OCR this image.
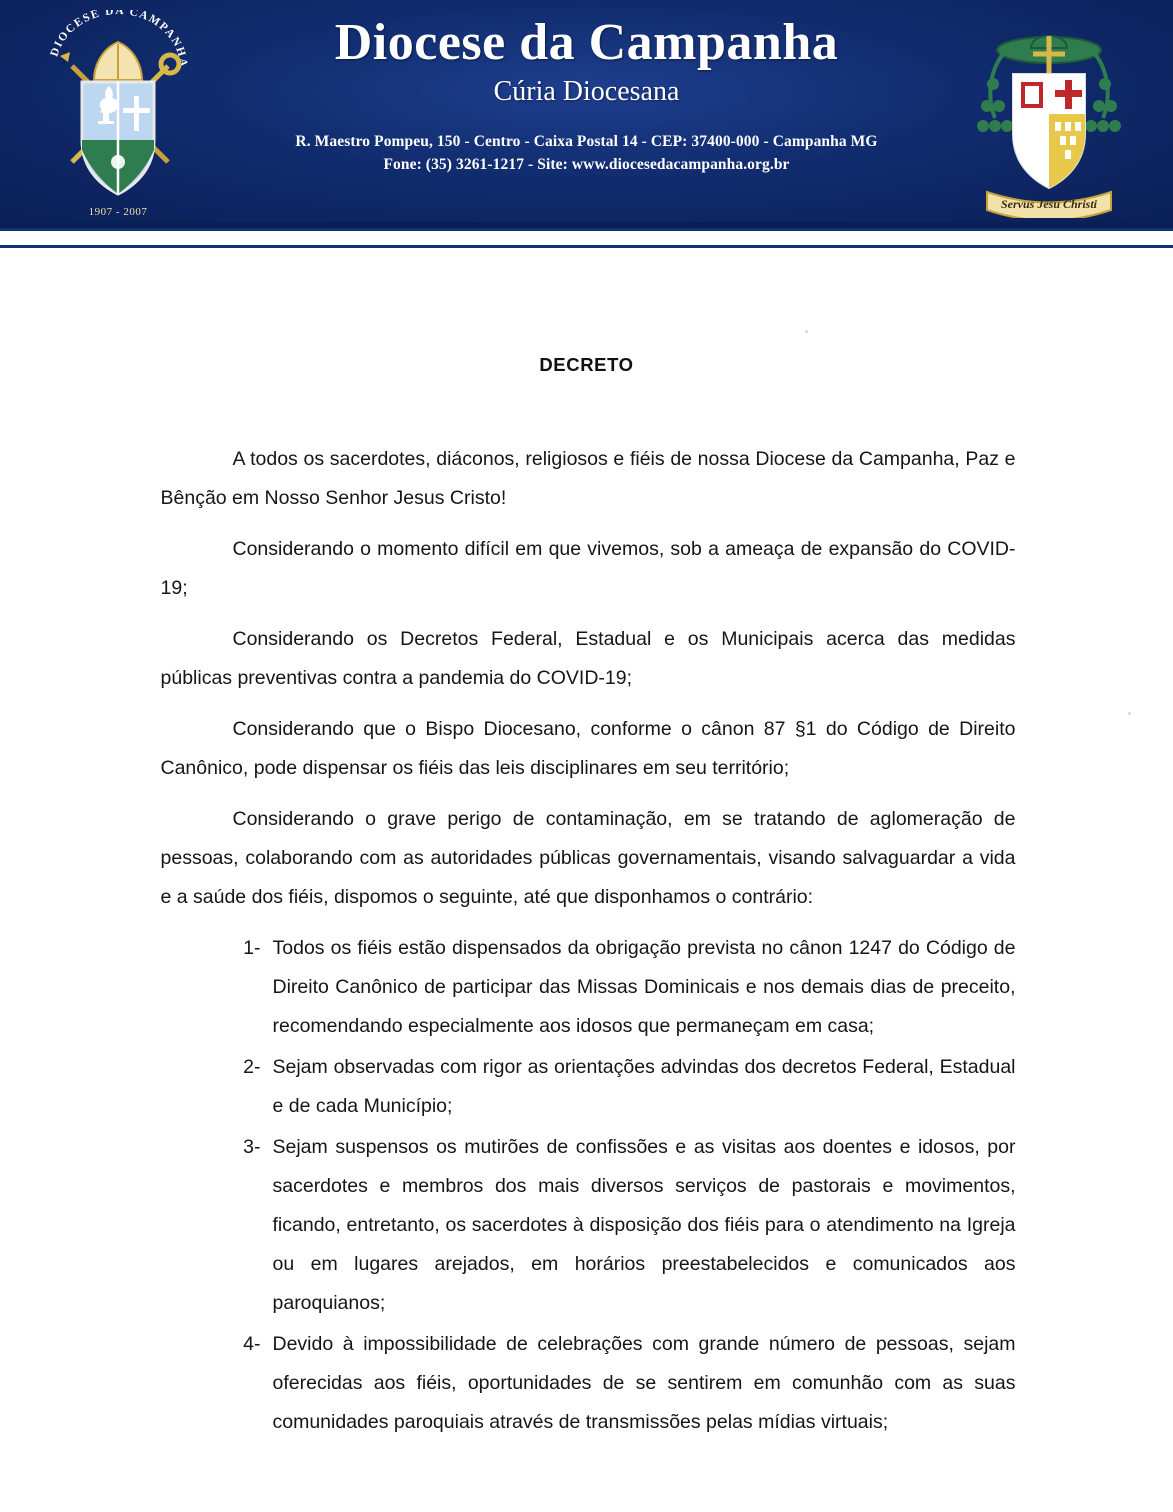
DIOCESE DA CAMPANHA
1907 - 2007
Diocese da Campanha
Cúria Diocesana
R. Maestro Pompeu, 150 - Centro - Caixa Postal 14 - CEP: 37400-000 - Campanha MG
Fone: (35) 3261-1217 - Site: www.diocesedacampanha.org.br
Servus Jesu Christi
DECRETO

A todos os sacerdotes, diáconos, religiosos e fiéis de nossa Diocese da Campanha, Paz e Bênção em Nosso Senhor Jesus Cristo!

Considerando o momento difícil em que vivemos, sob a ameaça de expansão do COVID-19;

Considerando os Decretos Federal, Estadual e os Municipais acerca das medidas públicas preventivas contra a pandemia do COVID-19;

Considerando que o Bispo Diocesano, conforme o cânon 87 §1 do Código de Direito Canônico, pode dispensar os fiéis das leis disciplinares em seu território;

Considerando o grave perigo de contaminação, em se tratando de aglomeração de pessoas, colaborando com as autoridades públicas governamentais, visando salvaguardar a vida e a saúde dos fiéis, dispomos o seguinte, até que disponhamos o contrário:

1- Todos os fiéis estão dispensados da obrigação prevista no cânon 1247 do Código de Direito Canônico de participar das Missas Dominicais e nos demais dias de preceito, recomendando especialmente aos idosos que permaneçam em casa;
2- Sejam observadas com rigor as orientações advindas dos decretos Federal, Estadual e de cada Município;
3- Sejam suspensos os mutirões de confissões e as visitas aos doentes e idosos, por sacerdotes e membros dos mais diversos serviços de pastorais e movimentos, ficando, entretanto, os sacerdotes à disposição dos fiéis para o atendimento na Igreja ou em lugares arejados, em horários preestabelecidos e comunicados aos paroquianos;
4- Devido à impossibilidade de celebrações com grande número de pessoas, sejam oferecidas aos fiéis, oportunidades de se sentirem em comunhão com as suas comunidades paroquiais através de transmissões pelas mídias virtuais;
